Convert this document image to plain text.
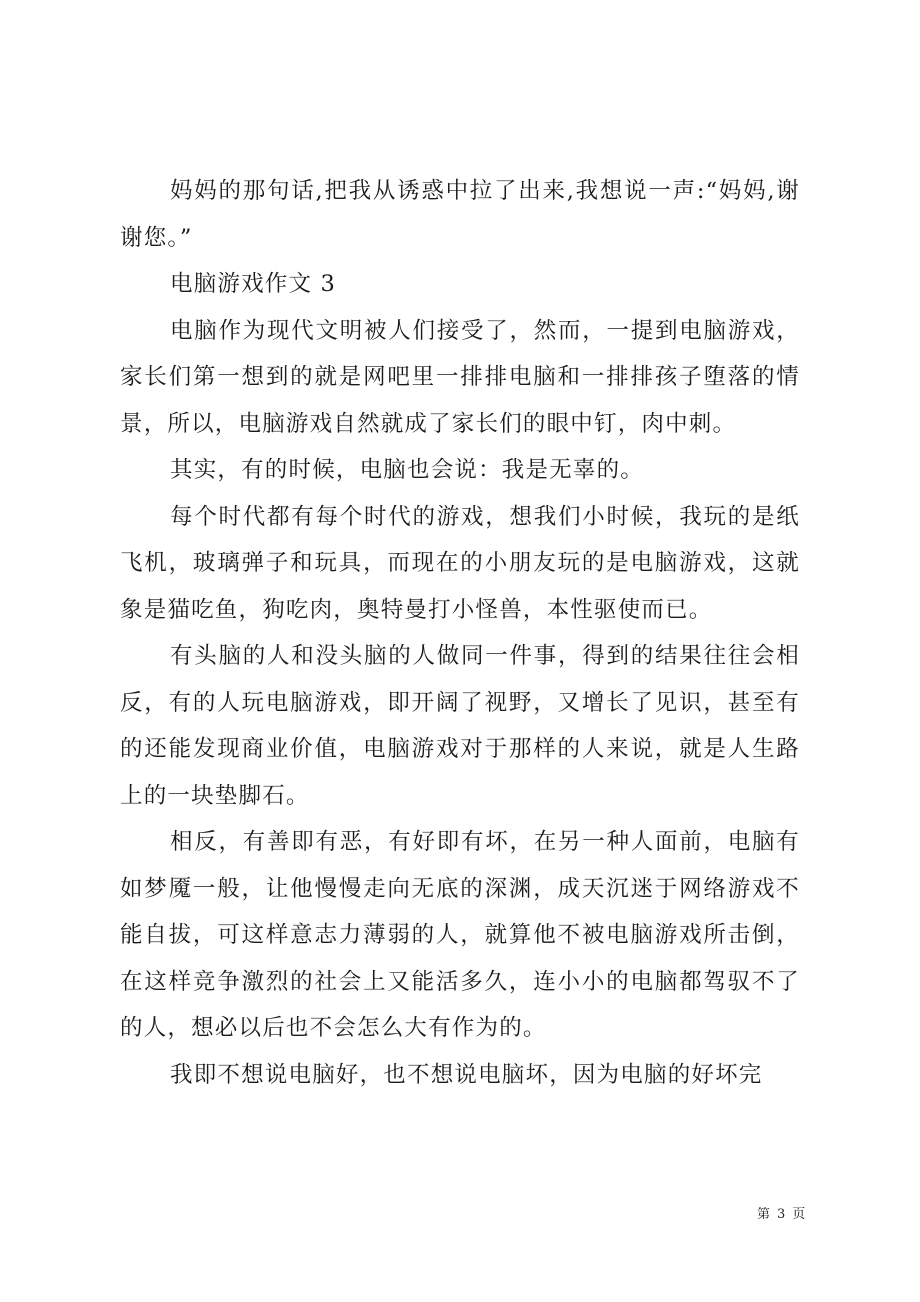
妈妈的那句话,把我从诱惑中拉了出来,我想说一声:“妈妈,谢谢您。”

电脑游戏作文 3

电脑作为现代文明被人们接受了，然而，一提到电脑游戏，家长们第一想到的就是网吧里一排排电脑和一排排孩子堕落的情景，所以，电脑游戏自然就成了家长们的眼中钉，肉中刺。

其实，有的时候，电脑也会说：我是无辜的。

每个时代都有每个时代的游戏，想我们小时候，我玩的是纸飞机，玻璃弹子和玩具，而现在的小朋友玩的是电脑游戏，这就象是猫吃鱼，狗吃肉，奥特曼打小怪兽，本性驱使而已。

有头脑的人和没头脑的人做同一件事，得到的结果往往会相反，有的人玩电脑游戏，即开阔了视野，又增长了见识，甚至有的还能发现商业价值，电脑游戏对于那样的人来说，就是人生路上的一块垫脚石。

相反，有善即有恶，有好即有坏，在另一种人面前，电脑有如梦魇一般，让他慢慢走向无底的深渊，成天沉迷于网络游戏不能自拔，可这样意志力薄弱的人，就算他不被电脑游戏所击倒，在这样竞争激烈的社会上又能活多久，连小小的电脑都驾驭不了的人，想必以后也不会怎么大有作为的。

我即不想说电脑好，也不想说电脑坏，因为电脑的好坏完

第 3 页
